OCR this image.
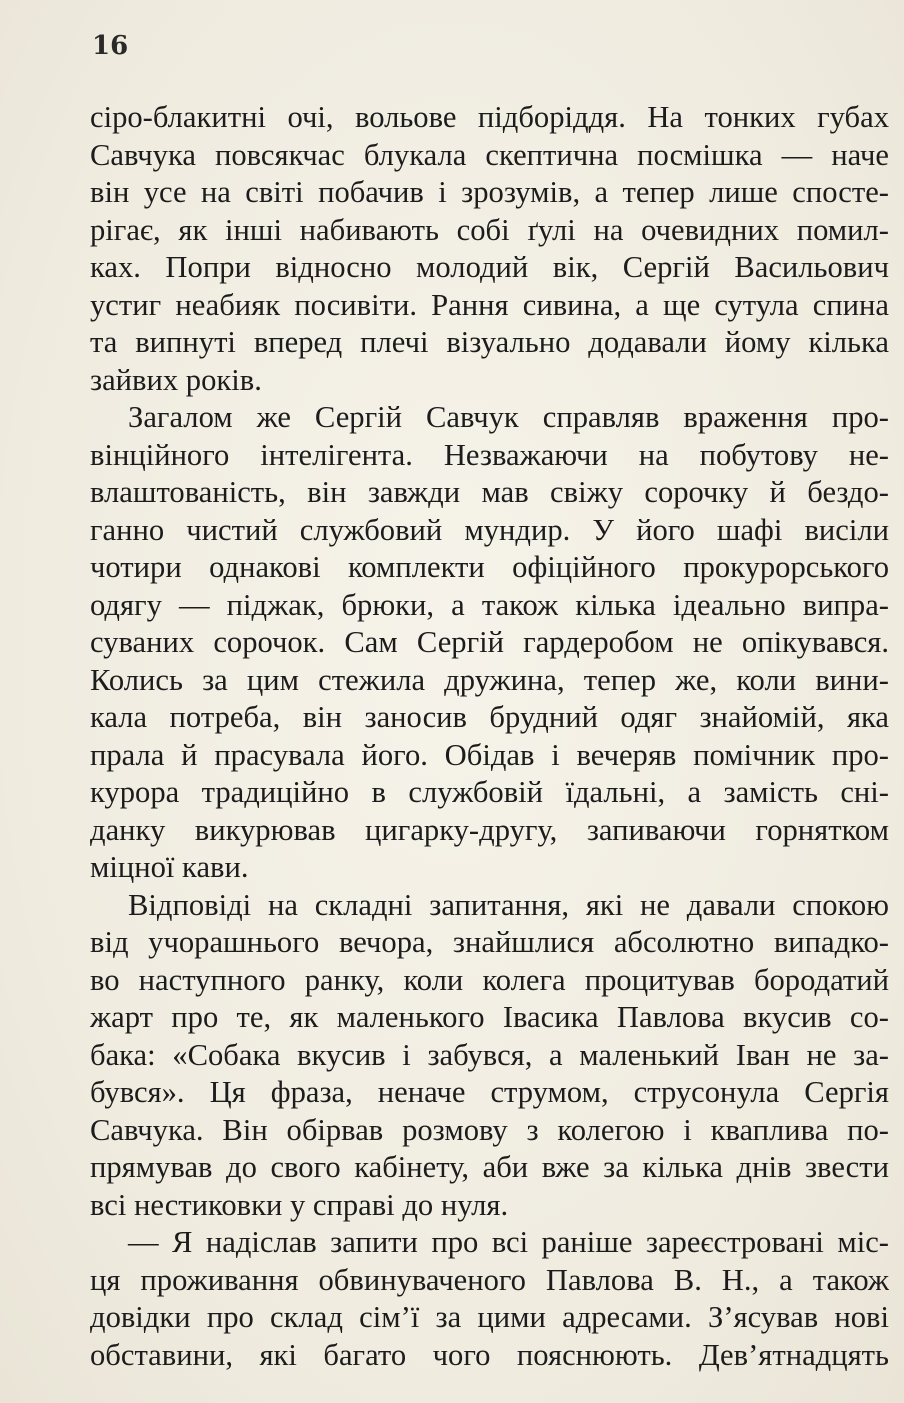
16
сіро-блакитні очі, вольове підборіддя. На тонких губах
Савчука повсякчас блукала скептична посмішка — наче
він усе на світі побачив і зрозумів, а тепер лише спосте-
рігає, як інші набивають собі ґулі на очевидних помил-
ках. Попри відносно молодий вік, Сергій Васильович
устиг неабияк посивіти. Рання сивина, а ще сутула спина
та випнуті вперед плечі візуально додавали йому кілька
зайвих років.
Загалом же Сергій Савчук справляв враження про-
вінційного інтелігента. Незважаючи на побутову не-
влаштованість, він завжди мав свіжу сорочку й бездо-
ганно чистий службовий мундир. У його шафі висіли
чотири однакові комплекти офіційного прокурорського
одягу — піджак, брюки, а також кілька ідеально випра-
суваних сорочок. Сам Сергій гардеробом не опікувався.
Колись за цим стежила дружина, тепер же, коли вини-
кала потреба, він заносив брудний одяг знайомій, яка
прала й прасувала його. Обідав і вечеряв помічник про-
курора традиційно в службовій їдальні, а замість сні-
данку викурював цигарку-другу, запиваючи горнятком
міцної кави.
Відповіді на складні запитання, які не давали спокою
від учорашнього вечора, знайшлися абсолютно випадко-
во наступного ранку, коли колега процитував бородатий
жарт про те, як маленького Івасика Павлова вкусив со-
бака: «Собака вкусив і забувся, а маленький Іван не за-
бувся». Ця фраза, неначе струмом, струсонула Сергія
Савчука. Він обірвав розмову з колегою і кваплива по-
прямував до свого кабінету, аби вже за кілька днів звести
всі нестиковки у справі до нуля.
— Я надіслав запити про всі раніше зареєстровані міс-
ця проживання обвинуваченого Павлова В. Н., а також
довідки про склад сім’ї за цими адресами. З’ясував нові
обставини, які багато чого пояснюють. Дев’ятнадцять
